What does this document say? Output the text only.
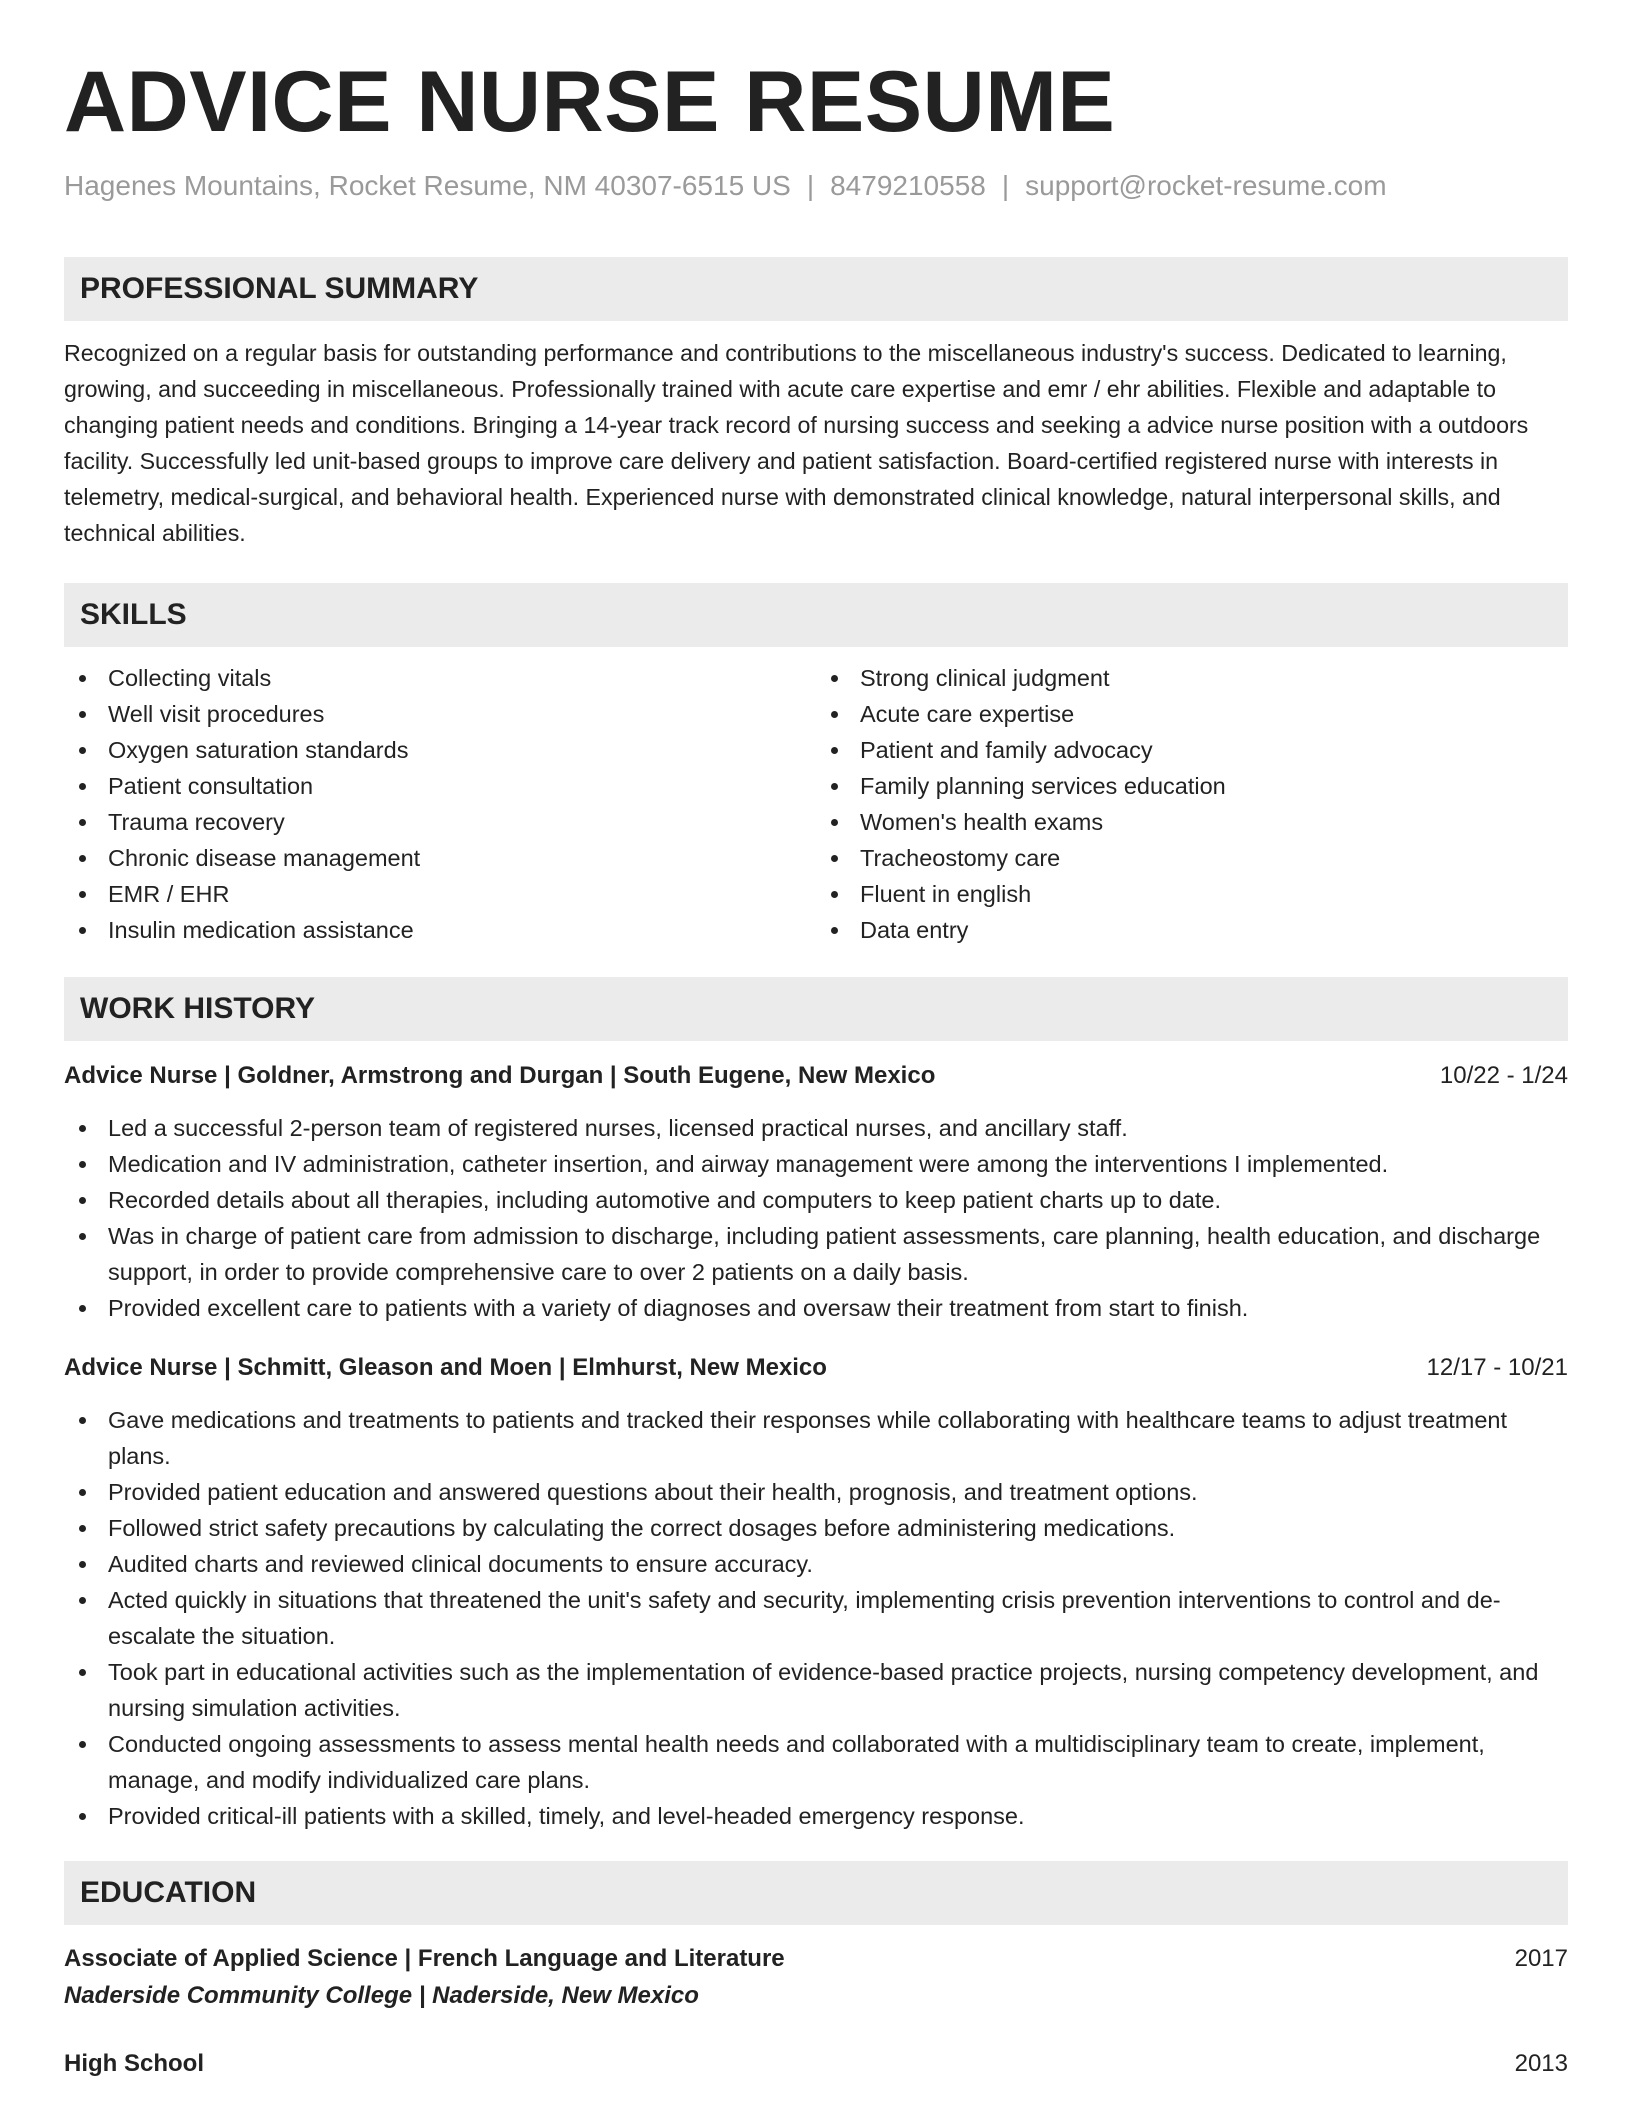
ADVICE NURSE RESUME
Hagenes Mountains, Rocket Resume, NM 40307-6515 US | 8479210558 | support@rocket-resume.com
PROFESSIONAL SUMMARY
Recognized on a regular basis for outstanding performance and contributions to the miscellaneous industry's success. Dedicated to learning, growing, and succeeding in miscellaneous. Professionally trained with acute care expertise and emr / ehr abilities. Flexible and adaptable to changing patient needs and conditions. Bringing a 14-year track record of nursing success and seeking a advice nurse position with a outdoors facility. Successfully led unit-based groups to improve care delivery and patient satisfaction. Board-certified registered nurse with interests in telemetry, medical-surgical, and behavioral health. Experienced nurse with demonstrated clinical knowledge, natural interpersonal skills, and technical abilities.
SKILLS
Collecting vitals
Well visit procedures
Oxygen saturation standards
Patient consultation
Trauma recovery
Chronic disease management
EMR / EHR
Insulin medication assistance
Strong clinical judgment
Acute care expertise
Patient and family advocacy
Family planning services education
Women's health exams
Tracheostomy care
Fluent in english
Data entry
WORK HISTORY
Advice Nurse | Goldner, Armstrong and Durgan | South Eugene, New Mexico	10/22 - 1/24
Led a successful 2-person team of registered nurses, licensed practical nurses, and ancillary staff.
Medication and IV administration, catheter insertion, and airway management were among the interventions I implemented.
Recorded details about all therapies, including automotive and computers to keep patient charts up to date.
Was in charge of patient care from admission to discharge, including patient assessments, care planning, health education, and discharge support, in order to provide comprehensive care to over 2 patients on a daily basis.
Provided excellent care to patients with a variety of diagnoses and oversaw their treatment from start to finish.
Advice Nurse | Schmitt, Gleason and Moen | Elmhurst, New Mexico	12/17 - 10/21
Gave medications and treatments to patients and tracked their responses while collaborating with healthcare teams to adjust treatment plans.
Provided patient education and answered questions about their health, prognosis, and treatment options.
Followed strict safety precautions by calculating the correct dosages before administering medications.
Audited charts and reviewed clinical documents to ensure accuracy.
Acted quickly in situations that threatened the unit's safety and security, implementing crisis prevention interventions to control and de-escalate the situation.
Took part in educational activities such as the implementation of evidence-based practice projects, nursing competency development, and nursing simulation activities.
Conducted ongoing assessments to assess mental health needs and collaborated with a multidisciplinary team to create, implement, manage, and modify individualized care plans.
Provided critical-ill patients with a skilled, timely, and level-headed emergency response.
EDUCATION
Associate of Applied Science | French Language and Literature	2017
Naderside Community College | Naderside, New Mexico
High School	2013
